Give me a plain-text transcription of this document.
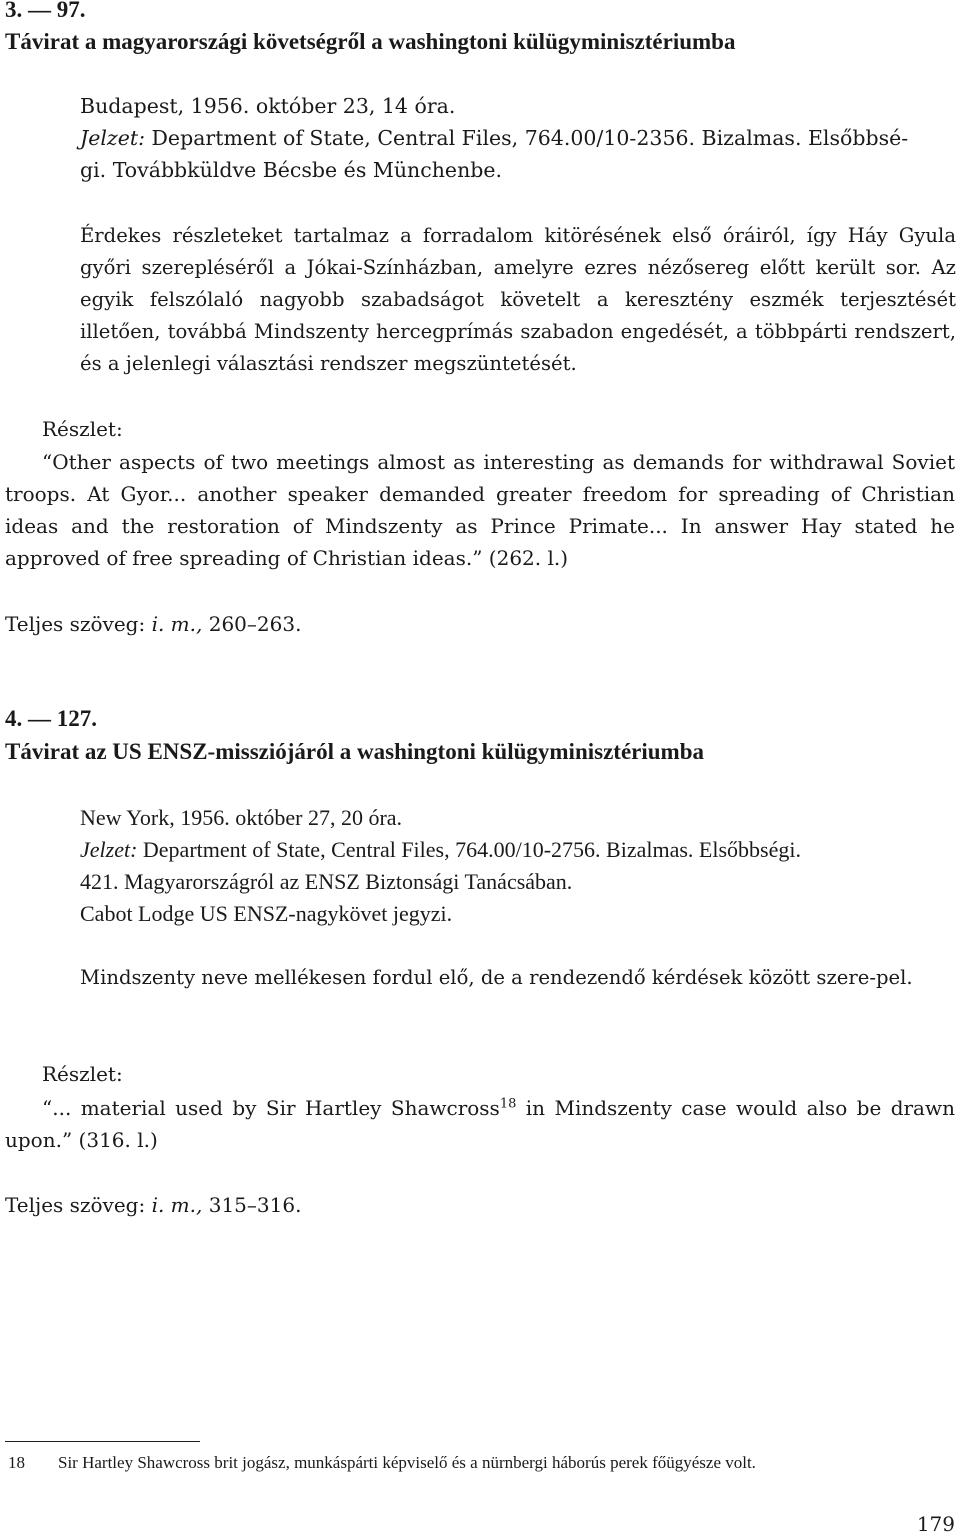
3. — 97.
Távirat a magyarországi követségről a washingtoni külügyminisztériumba
Budapest, 1956. október 23, 14 óra.
Jelzet: Department of State, Central Files, 764.00/10-2356. Bizalmas. Elsőbbsé-
gi. Továbbküldve Bécsbe és Münchenbe.

Érdekes részleteket tartalmaz a forradalom kitörésének első óráiról, így Háy Gyula győri szerepléséről a Jókai-Színházban, amelyre ezres nézősereg előtt került sor. Az egyik felszólaló nagyobb szabadságot követelt a keresztény eszmék terjesztését illetően, továbbá Mindszenty hercegprímás szabadon engedését, a többpárti rendszert, és a jelenlegi választási rendszer megszüntetését.

Részlet:

“Other aspects of two meetings almost as interesting as demands for withdrawal Soviet troops. At Gyor... another speaker demanded greater freedom for spreading of Christian ideas and the restoration of Mindszenty as Prince Primate... In answer Hay stated he approved of free spreading of Christian ideas.” (262. l.)

Teljes szöveg: i. m., 260–263.
4. — 127.
Távirat az US ENSZ-missziójáról a washingtoni külügyminisztériumba
New York, 1956. október 27, 20 óra.
Jelzet: Department of State, Central Files, 764.00/10-2756. Bizalmas. Elsőbbségi.
421. Magyarországról az ENSZ Biztonsági Tanácsában.
Cabot Lodge US ENSZ-nagykövet jegyzi.

Mindszenty neve mellékesen fordul elő, de a rendezendő kérdések között szere-pel.

Részlet:

“... material used by Sir Hartley Shawcross$^{18}$ in Mindszenty case would also be drawn upon.” (316. l.)

Teljes szöveg: i. m., 315–316.
18 Sir Hartley Shawcross brit jogász, munkáspárti képviselő és a nürnbergi háborús perek főügyésze volt.
179
